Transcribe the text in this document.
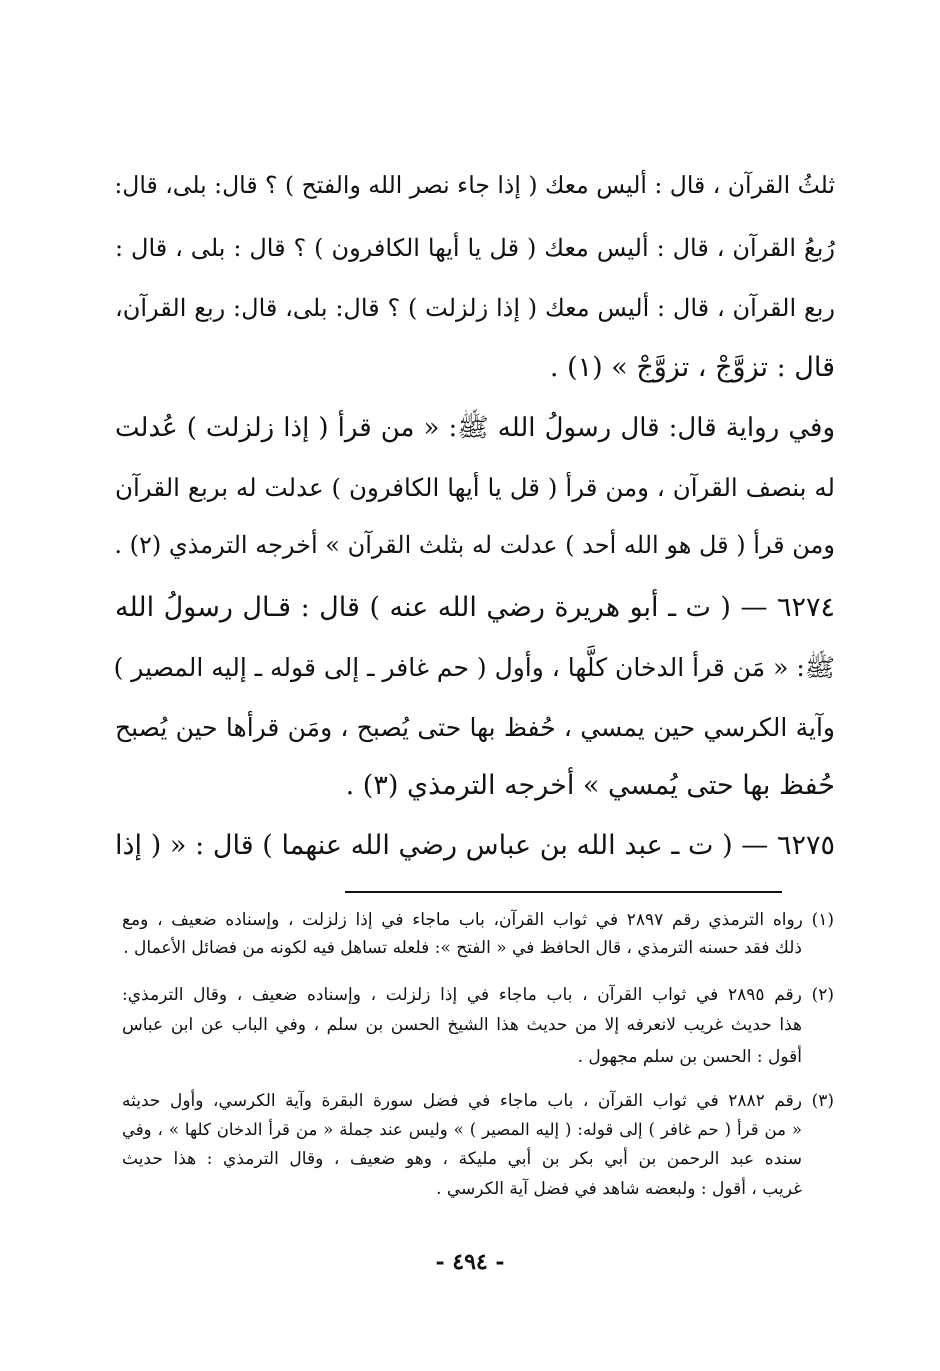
ثلثُ القرآن ، قال : أليس معك ( إذا جاء نصر الله والفتح ) ؟ قال: بلى، قال:
رُبعُ القرآن ، قال : أليس معك ( قل يا أيها الكافرون ) ؟ قال : بلى ، قال :
ربع القرآن ، قال : أليس معك ( إذا زلزلت ) ؟ قال: بلى، قال: ربع القرآن،
قال : تزوَّجْ ، تزوَّجْ » (١) .
وفي رواية قال: قال رسولُ الله ﷺ: « من قرأ ( إذا زلزلت ) عُدلت
له بنصف القرآن ، ومن قرأ ( قل يا أيها الكافرون ) عدلت له بربع القرآن
ومن قرأ ( قل هو الله أحد ) عدلت له بثلث القرآن » أخرجه الترمذي (٢) .
٦٢٧٤ — ( ت ـ أبو هريرة رضي الله عنه ) قال : قـال رسولُ الله
ﷺ: « مَن قرأ الدخان كلَّها ، وأول ( حم غافر ـ إلى قوله ـ إليه المصير )
وآية الكرسي حين يمسي ، حُفظ بها حتى يُصبح ، ومَن قرأها حين يُصبح
حُفظ بها حتى يُمسي » أخرجه الترمذي (٣) .
٦٢٧٥ — ( ت ـ عبد الله بن عباس رضي الله عنهما ) قال : « ( إذا
(١) رواه الترمذي رقم ٢٨٩٧ في ثواب القرآن، باب ماجاء في إذا زلزلت ، وإسناده ضعيف ، ومع
ذلك فقد حسنه الترمذي ، قال الحافظ في « الفتح »: فلعله تساهل فيه لكونه من فضائل الأعمال .
(٢) رقم ٢٨٩٥ في ثواب القرآن ، باب ماجاء في إذا زلزلت ، وإسناده ضعيف ، وقال الترمذي:
هذا حديث غريب لانعرفه إلا من حديث هذا الشيخ الحسن بن سلم ، وفي الباب عن ابن عباس
أقول : الحسن بن سلم مجهول .
(٣) رقم ٢٨٨٢ في ثواب القرآن ، باب ماجاء في فضل سورة البقرة وآية الكرسي، وأول حديثه
« من قرأ ( حم غافر ) إلى قوله: ( إليه المصير ) » وليس عند جملة « من قرأ الدخان كلها » ، وفي
سنده عبد الرحمن بن أبي بكر بن أبي مليكة ، وهو ضعيف ، وقال الترمذي : هذا حديث
غريب ، أقول : ولبعضه شاهد في فضل آية الكرسي .
- ٤٩٤ -
